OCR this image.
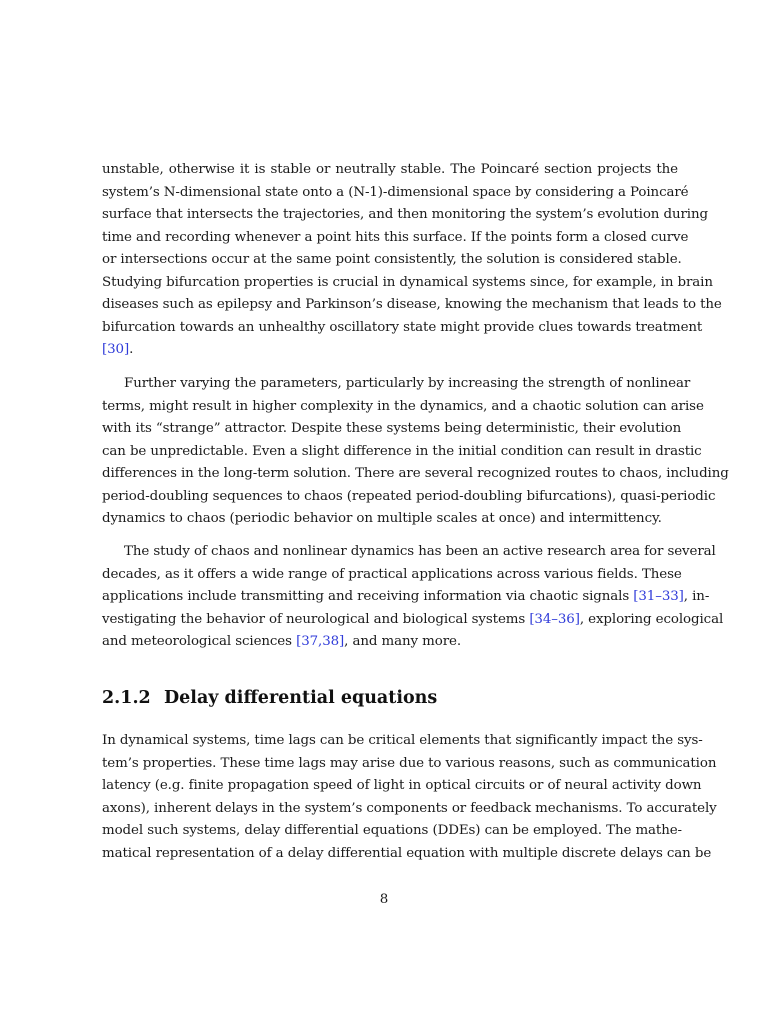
unstable, otherwise it is stable or neutrally stable. The Poincaré section projects the
system’s N-dimensional state onto a (N-1)-dimensional space by considering a Poincaré
surface that intersects the trajectories, and then monitoring the system’s evolution during
time and recording whenever a point hits this surface. If the points form a closed curve
or intersections occur at the same point consistently, the solution is considered stable.
Studying bifurcation properties is crucial in dynamical systems since, for example, in brain
diseases such as epilepsy and Parkinson’s disease, knowing the mechanism that leads to the
bifurcation towards an unhealthy oscillatory state might provide clues towards treatment
[30].
Further varying the parameters, particularly by increasing the strength of nonlinear
terms, might result in higher complexity in the dynamics, and a chaotic solution can arise
with its “strange” attractor. Despite these systems being deterministic, their evolution
can be unpredictable. Even a slight difference in the initial condition can result in drastic
differences in the long-term solution. There are several recognized routes to chaos, including
period-doubling sequences to chaos (repeated period-doubling bifurcations), quasi-periodic
dynamics to chaos (periodic behavior on multiple scales at once) and intermittency.
The study of chaos and nonlinear dynamics has been an active research area for several
decades, as it offers a wide range of practical applications across various fields. These
applications include transmitting and receiving information via chaotic signals [31–33], in-
vestigating the behavior of neurological and biological systems [34–36], exploring ecological
and meteorological sciences [37,38], and many more.
2.1.2 Delay differential equations
In dynamical systems, time lags can be critical elements that significantly impact the sys-
tem’s properties. These time lags may arise due to various reasons, such as communication
latency (e.g. finite propagation speed of light in optical circuits or of neural activity down
axons), inherent delays in the system’s components or feedback mechanisms. To accurately
model such systems, delay differential equations (DDEs) can be employed. The mathe-
matical representation of a delay differential equation with multiple discrete delays can be
8
